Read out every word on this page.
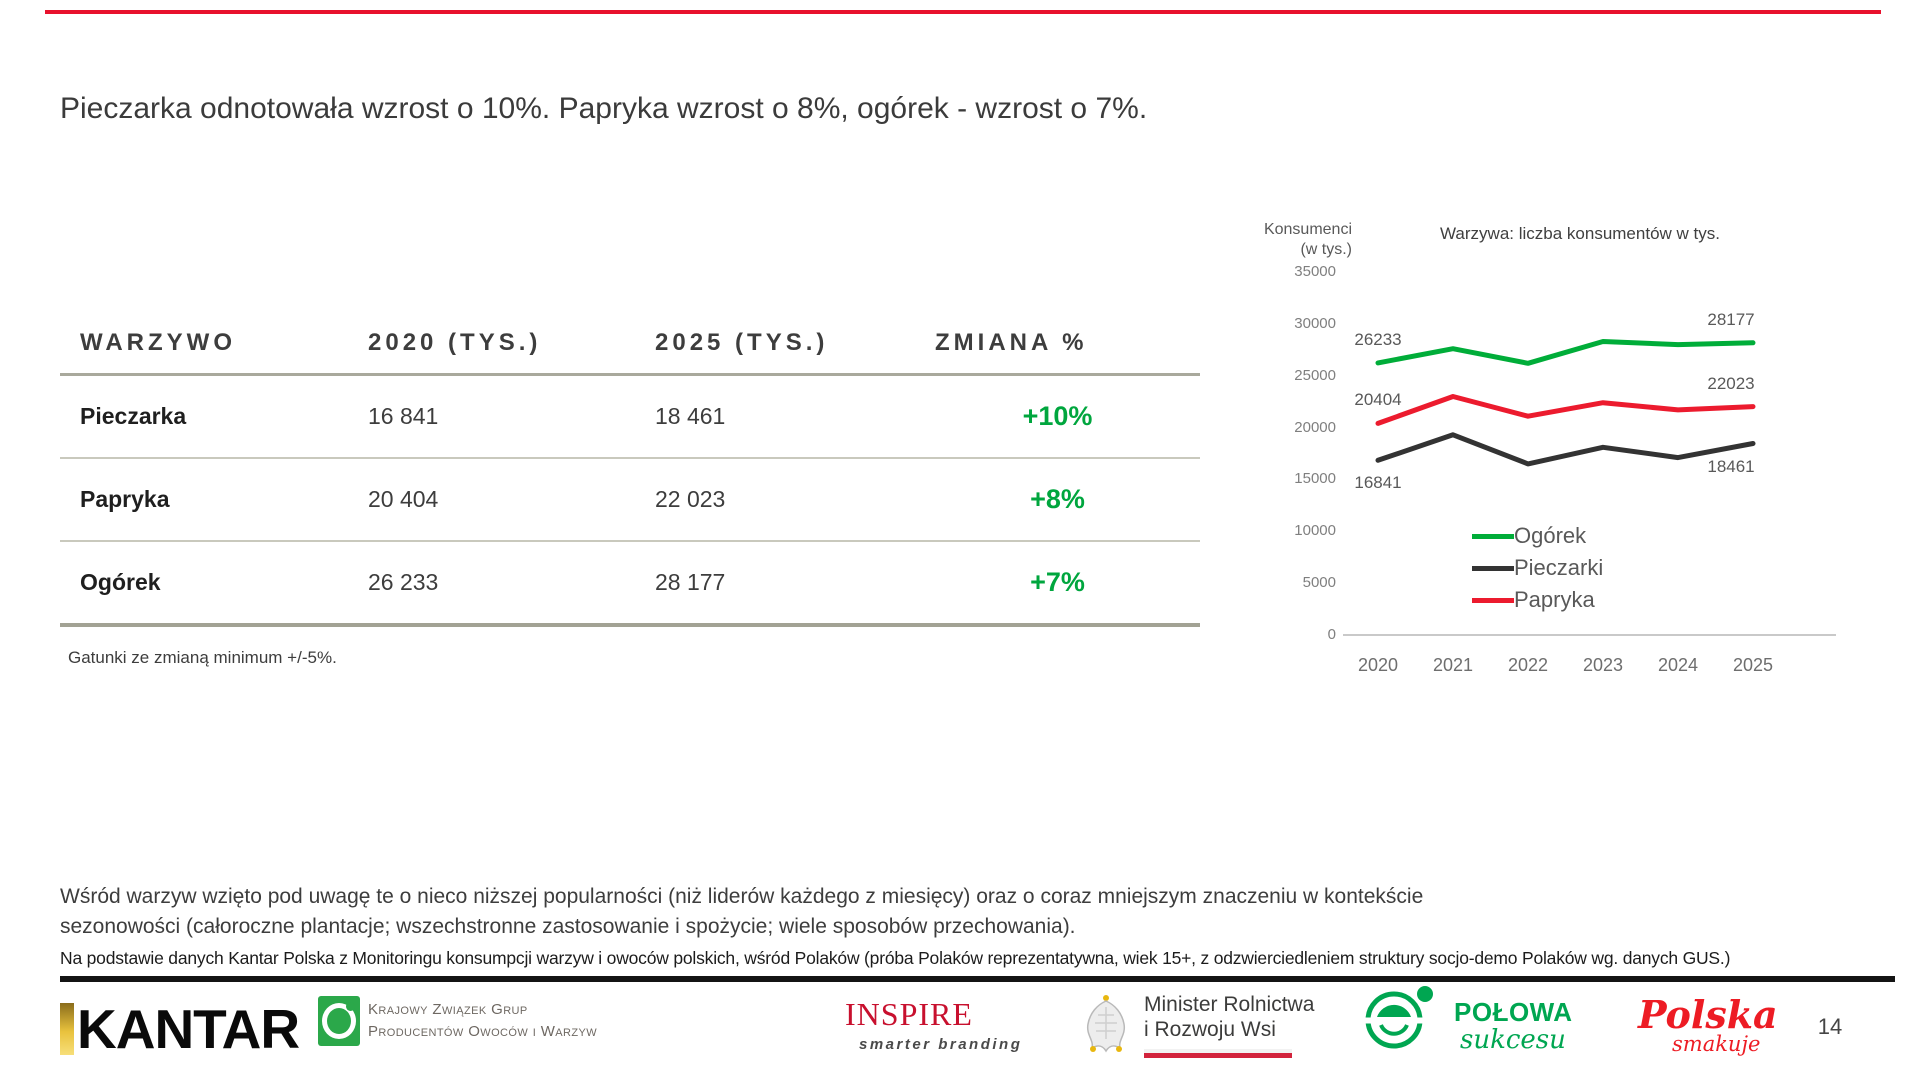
Pieczarka odnotowała wzrost o 10%. Papryka wzrost o 8%, ogórek - wzrost o 7%.
WARZYWO	2020 (TYS.)	2025 (TYS.)	ZMIANA %
Pieczarka	16 841	18 461	+10%
Papryka	20 404	22 023	+8%
Ogórek	26 233	28 177	+7%
Gatunki ze zmianą minimum +/-5%.
Konsumenci
(w tys.)
Warzywa: liczba konsumentów w tys.
35000
30000
25000
20000
15000
10000
5000
0
2020	2021	2022	2023	2024	2025
26233
28177
16841
18461
20404
22023
Ogórek
Pieczarki
Papryka

Wśród warzyw wzięto pod uwagę te o nieco niższej popularności (niż liderów każdego z miesięcy) oraz o coraz mniejszym znaczeniu w kontekście sezonowości (całoroczne plantacje; wszechstronne zastosowanie i spożycie; wiele sposobów przechowania).

Na podstawie danych Kantar Polska z Monitoringu konsumpcji warzyw i owoców polskich, wśród Polaków (próba Polaków reprezentatywna, wiek 15+, z odzwierciedleniem struktury socjo-demo Polaków wg. danych GUS.)

KANTAR	Krajowy Związek Grup
Producentów Owoców i Warzyw	INSPIRE
smarter branding
Minister Rolnictwa
i Rozwoju Wsi
POŁOWA
sukcesu
Polska
smakuje
14
